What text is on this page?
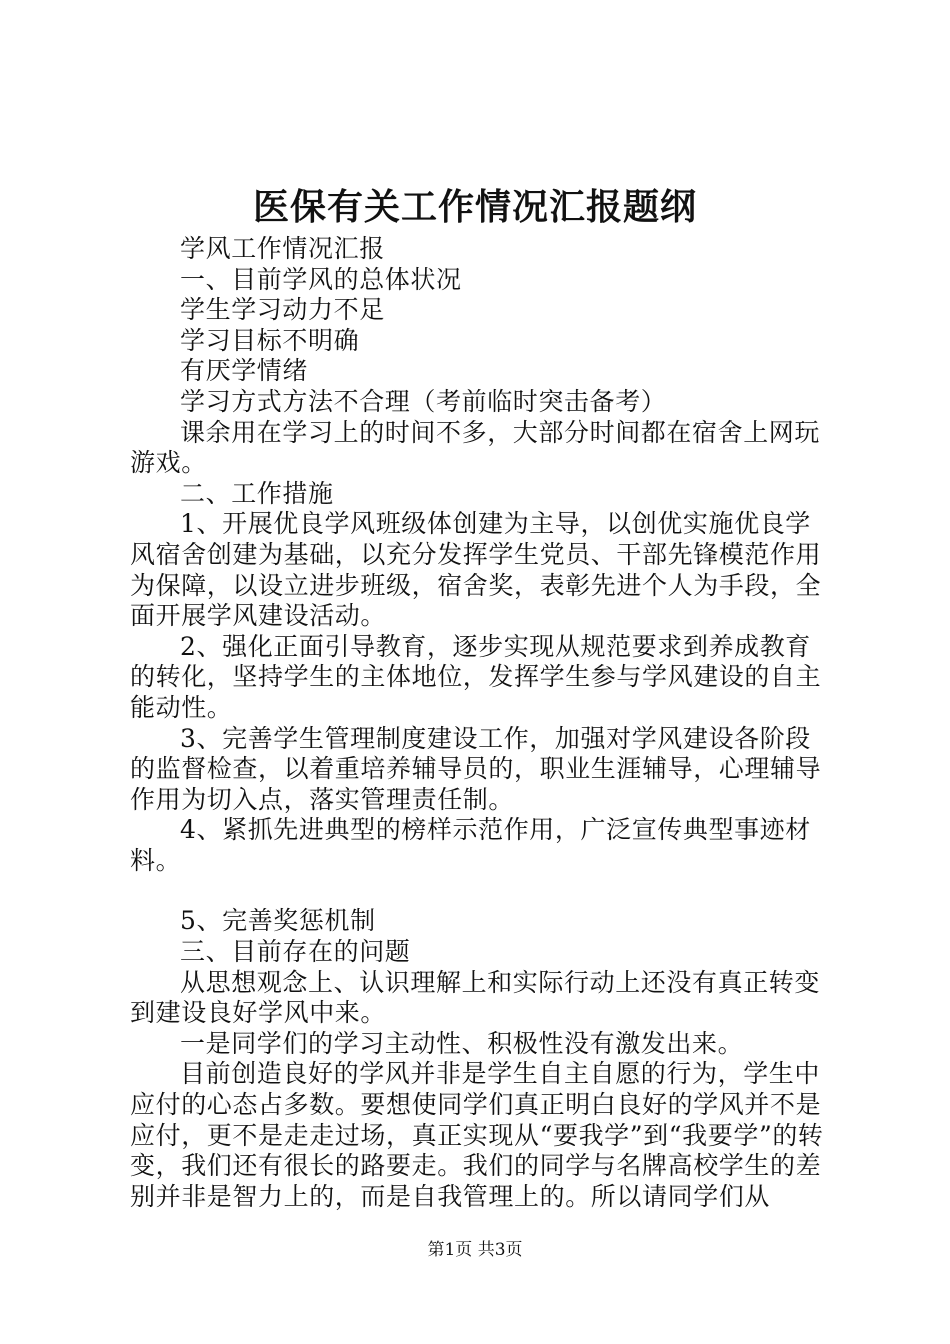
医保有关工作情况汇报题纲

学风工作情况汇报

一、目前学风的总体状况

学生学习动力不足

学习目标不明确

有厌学情绪

学习方式方法不合理（考前临时突击备考）

课余用在学习上的时间不多，大部分时间都在宿舍上网玩游戏。

二、工作措施

1、开展优良学风班级体创建为主导，以创优实施优良学风宿舍创建为基础，以充分发挥学生党员、干部先锋模范作用为保障，以设立进步班级，宿舍奖，表彰先进个人为手段，全面开展学风建设活动。

2、强化正面引导教育，逐步实现从规范要求到养成教育的转化，坚持学生的主体地位，发挥学生参与学风建设的自主能动性。

3、完善学生管理制度建设工作，加强对学风建设各阶段的监督检查，以着重培养辅导员的，职业生涯辅导，心理辅导作用为切入点，落实管理责任制。

4、紧抓先进典型的榜样示范作用，广泛宣传典型事迹材料。

5、完善奖惩机制

三、目前存在的问题

从思想观念上、认识理解上和实际行动上还没有真正转变到建设良好学风中来。

一是同学们的学习主动性、积极性没有激发出来。

目前创造良好的学风并非是学生自主自愿的行为，学生中应付的心态占多数。要想使同学们真正明白良好的学风并不是应付，更不是走走过场，真正实现从“要我学”到“我要学”的转变，我们还有很长的路要走。我们的同学与名牌高校学生的差别并非是智力上的，而是自我管理上的。所以请同学们从

第1页 共3页
